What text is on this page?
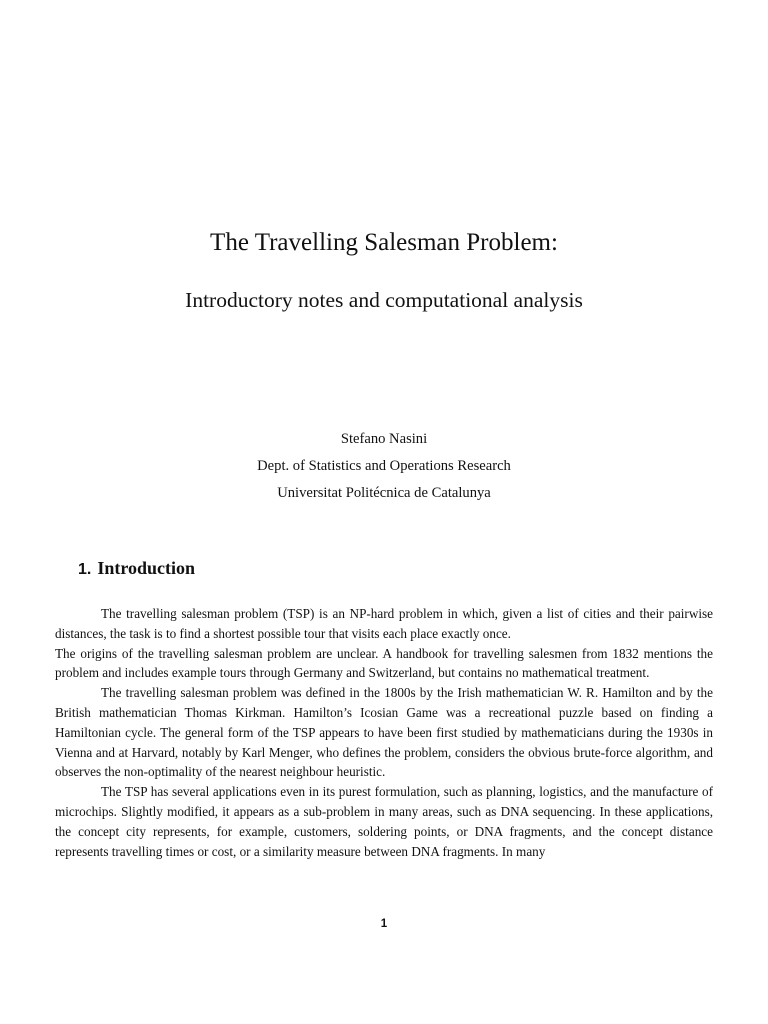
The Travelling Salesman Problem:
Introductory notes and computational analysis
Stefano Nasini
Dept. of Statistics and Operations Research
Universitat Politécnica de Catalunya
1. Introduction

The travelling salesman problem (TSP) is an NP-hard problem in which, given a list of cities and their pairwise distances, the task is to find a shortest possible tour that visits each place exactly once.

The origins of the travelling salesman problem are unclear. A handbook for travelling salesmen from 1832 mentions the problem and includes example tours through Germany and Switzerland, but contains no mathematical treatment.

The travelling salesman problem was defined in the 1800s by the Irish mathematician W. R. Hamilton and by the British mathematician Thomas Kirkman. Hamilton’s Icosian Game was a recreational puzzle based on finding a Hamiltonian cycle. The general form of the TSP appears to have been first studied by mathematicians during the 1930s in Vienna and at Harvard, notably by Karl Menger, who defines the problem, considers the obvious brute-force algorithm, and observes the non-optimality of the nearest neighbour heuristic.

The TSP has several applications even in its purest formulation, such as planning, logistics, and the manufacture of microchips. Slightly modified, it appears as a sub-problem in many areas, such as DNA sequencing. In these applications, the concept city represents, for example, customers, soldering points, or DNA fragments, and the concept distance represents travelling times or cost, or a similarity measure between DNA fragments. In many

1
